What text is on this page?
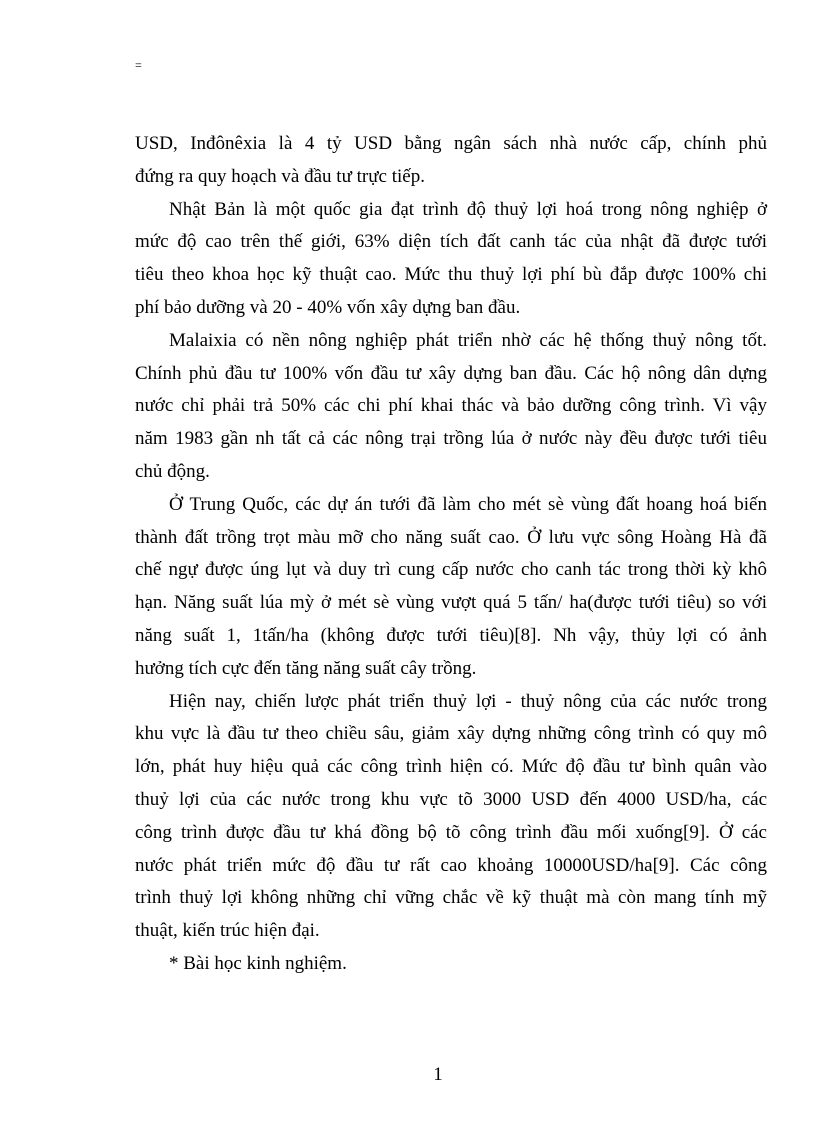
=
USD, Inđônêxia là 4 tỷ USD bằng ngân sách nhà nước cấp, chính phủ
đứng ra quy hoạch và đầu tư trực tiếp.
Nhật Bản là một quốc gia đạt trình độ thuỷ lợi hoá trong nông nghiệp ở
mức độ cao trên thế giới, 63% diện tích đất canh tác của nhật đã được tưới
tiêu theo khoa học kỹ thuật cao. Mức thu thuỷ lợi phí bù đắp được 100% chi
phí bảo dưỡng và 20 - 40% vốn xây dựng ban đầu.
Malaixia có nền nông nghiệp phát triển nhờ các hệ thống thuỷ nông tốt.
Chính phủ đầu tư 100% vốn đầu tư xây dựng ban đầu. Các hộ nông dân dựng
nước chỉ phải trả 50% các chi phí khai thác và bảo dưỡng công trình. Vì vậy
năm 1983 gần nh tất cả các nông trại trồng lúa ở nước này đều được tưới tiêu
chủ động.
Ở Trung Quốc, các dự án tưới đã làm cho mét sè vùng đất hoang hoá biến
thành đất trồng trọt màu mỡ cho năng suất cao. Ở lưu vực sông Hoàng Hà đã
chế ngự được úng lụt và duy trì cung cấp nước cho canh tác trong thời kỳ khô
hạn. Năng suất lúa mỳ ở mét sè vùng vượt quá 5 tấn/ ha(được tưới tiêu) so với
năng suất 1, 1tấn/ha (không được tưới tiêu)[8]. Nh vậy, thủy lợi có ảnh
hưởng tích cực đến tăng năng suất cây trồng.
Hiện nay, chiến lược phát triển thuỷ lợi - thuỷ nông của các nước trong
khu vực là đầu tư theo chiều sâu, giảm xây dựng những công trình có quy mô
lớn, phát huy hiệu quả các công trình hiện có. Mức độ đầu tư bình quân vào
thuỷ lợi của các nước trong khu vực tõ 3000 USD đến 4000 USD/ha, các
công trình được đầu tư khá đồng bộ tõ công trình đầu mối xuống[9]. Ở các
nước phát triển mức độ đầu tư rất cao khoảng 10000USD/ha[9]. Các công
trình thuỷ lợi không những chỉ vững chắc về kỹ thuật mà còn mang tính mỹ
thuật, kiến trúc hiện đại.
* Bài học kinh nghiệm.
1
